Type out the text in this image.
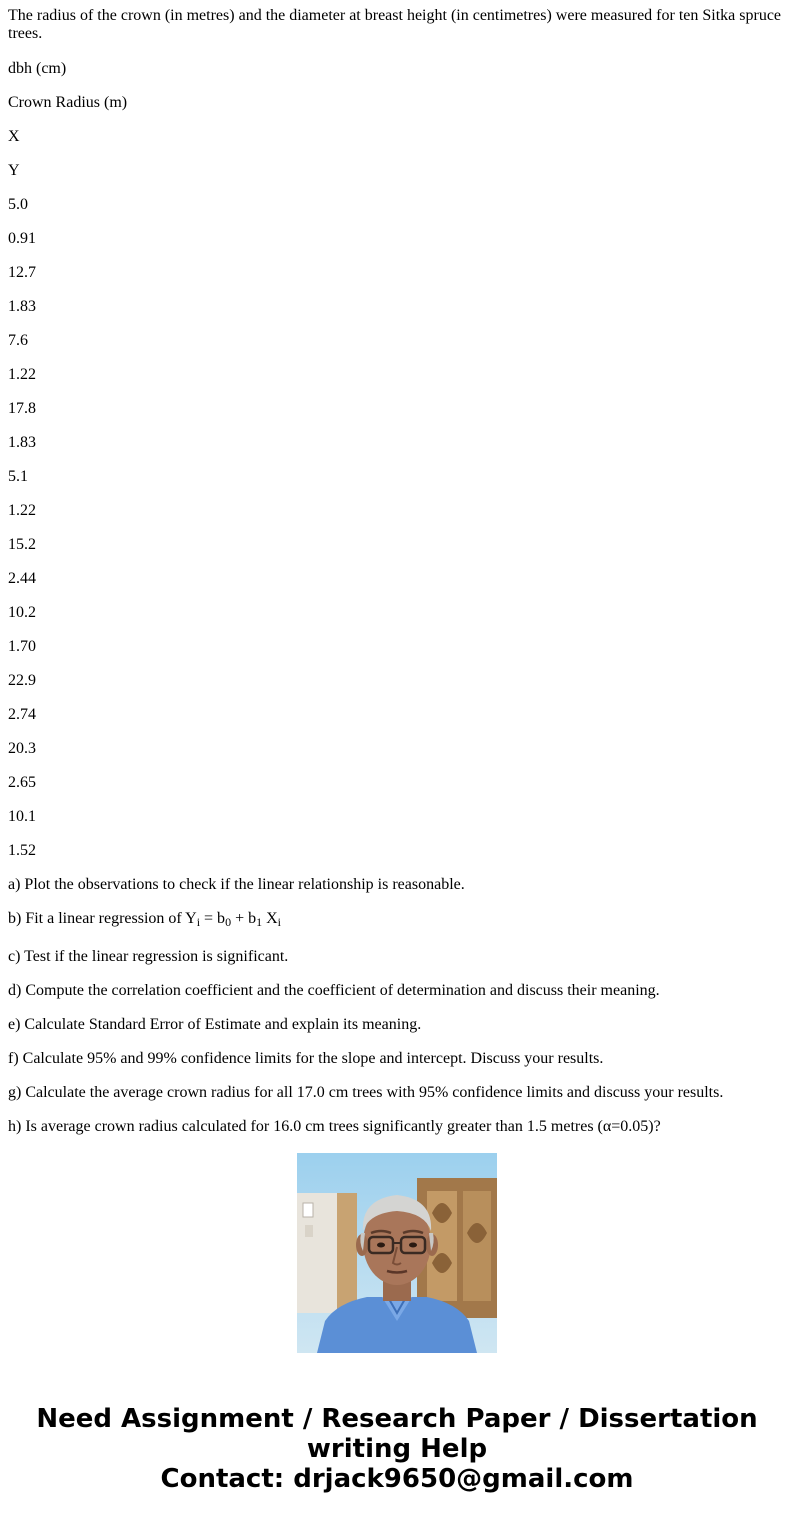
The radius of the crown (in metres) and the diameter at breast height (in centimetres) were measured for ten Sitka spruce trees.

dbh (cm)

Crown Radius (m)

X

Y

5.0

0.91

12.7

1.83

7.6

1.22

17.8

1.83

5.1

1.22

15.2

2.44

10.2

1.70

22.9

2.74

20.3

2.65

10.1

1.52

a) Plot the observations to check if the linear relationship is reasonable.

b) Fit a linear regression of $Y_i = b_0 + b_1$ $X_i$

c) Test if the linear regression is significant.

d) Compute the correlation coefficient and the coefficient of determination and discuss their meaning.

e) Calculate Standard Error of Estimate and explain its meaning.

f) Calculate 95% and 99% confidence limits for the slope and intercept. Discuss your results.

g) Calculate the average crown radius for all 17.0 cm trees with 95% confidence limits and discuss your results.

h) Is average crown radius calculated for 16.0 cm trees significantly greater than 1.5 metres (α=0.05)?

Need Assignment / Research Paper / Dissertation
writing Help
Contact: drjack9650@gmail.com
